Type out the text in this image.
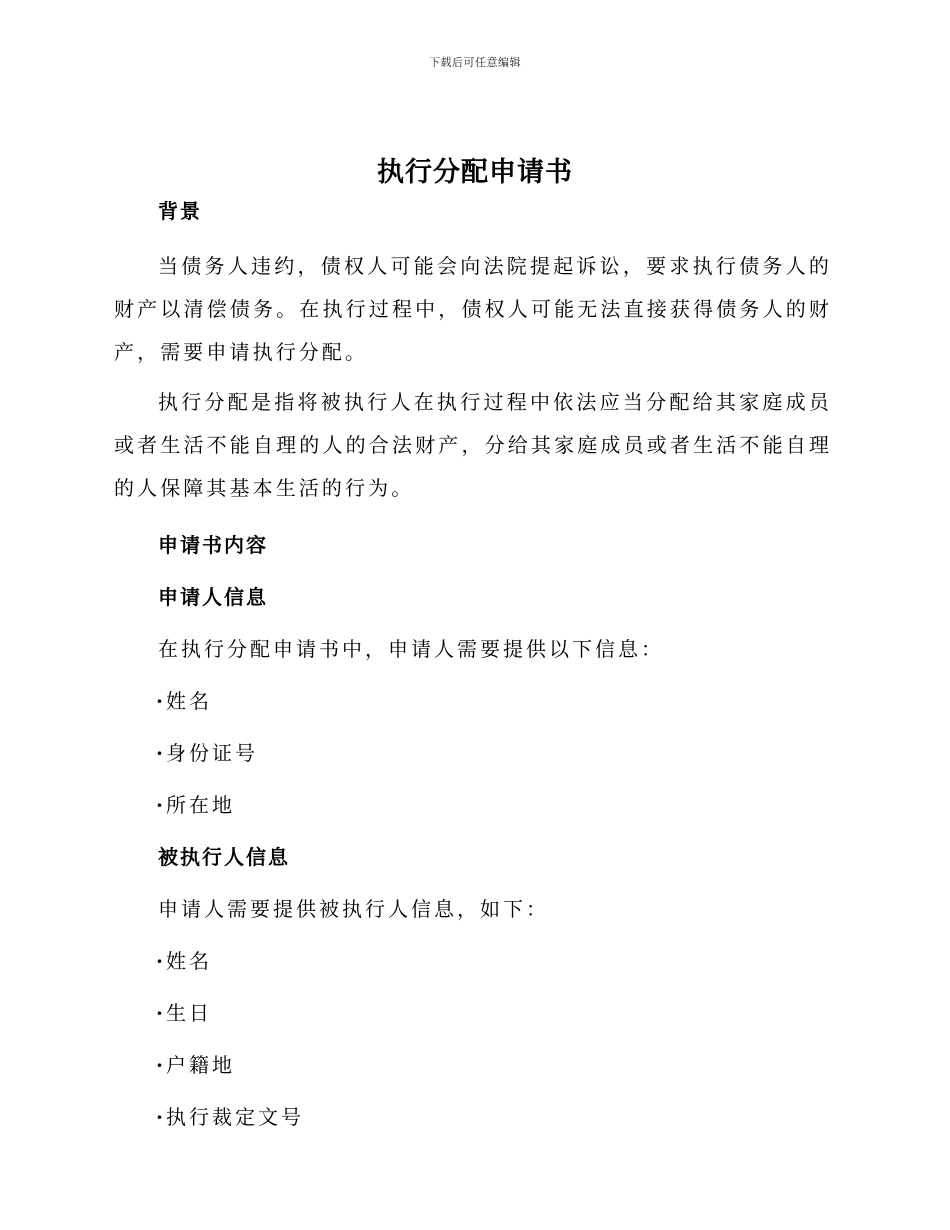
下载后可任意编辑
执行分配申请书
背景

当债务人违约，债权人可能会向法院提起诉讼，要求执行债务人的财产以清偿债务。在执行过程中，债权人可能无法直接获得债务人的财产，需要申请执行分配。

执行分配是指将被执行人在执行过程中依法应当分配给其家庭成员或者生活不能自理的人的合法财产，分给其家庭成员或者生活不能自理的人保障其基本生活的行为。

申请书内容
申请人信息

在执行分配申请书中，申请人需要提供以下信息：

·姓名

·身份证号

·所在地

被执行人信息

申请人需要提供被执行人信息，如下：

·姓名

·生日

·户籍地

·执行裁定文号
